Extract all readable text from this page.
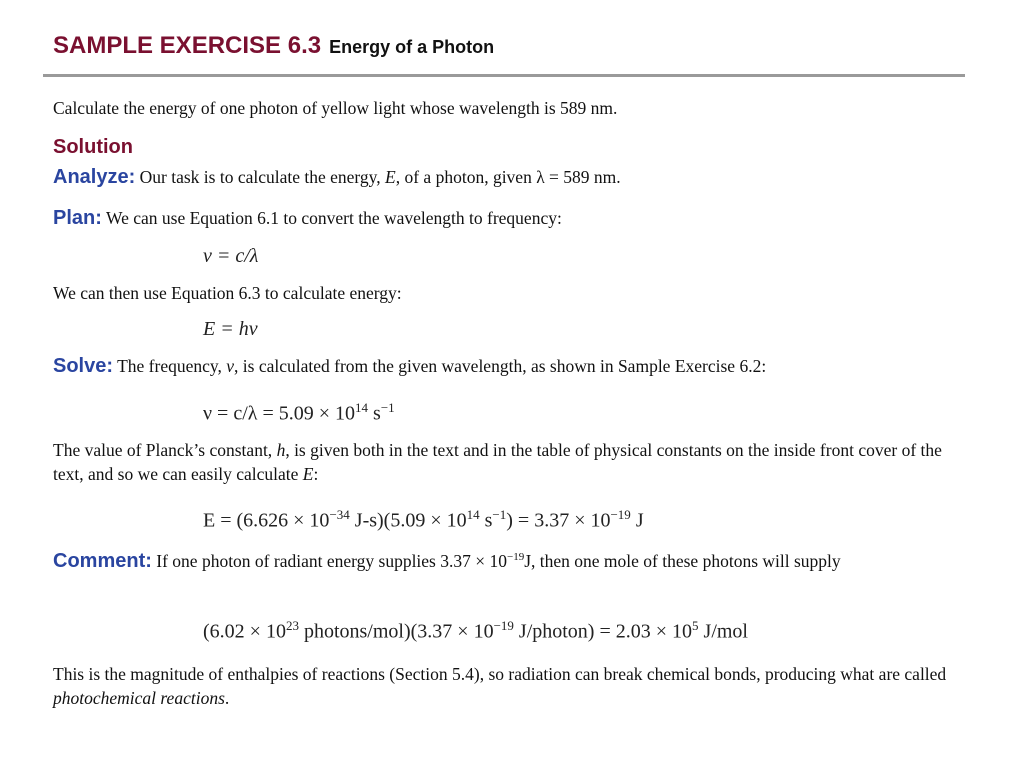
SAMPLE EXERCISE 6.3 Energy of a Photon
Calculate the energy of one photon of yellow light whose wavelength is 589 nm.
Solution
Analyze: Our task is to calculate the energy, E, of a photon, given λ = 589 nm.
Plan: We can use Equation 6.1 to convert the wavelength to frequency:
ν = c/λ
We can then use Equation 6.3 to calculate energy:
E = hν
Solve: The frequency, ν, is calculated from the given wavelength, as shown in Sample Exercise 6.2:
$\nu = c/\lambda = 5.09 \times 10^{14}$ $s^{-1}$
The value of Planck’s constant, h, is given both in the text and in the table of physical constants on the inside front cover of the text, and so we can easily calculate E:
$E = (6.626 \times 10^{-34}$ $J-s)(5.09 \times 10^{14}$ $s^{-1}) = 3.37 \times 10^{-19}$ J
Comment: If one photon of radiant energy supplies $3.37 \times 10^{-19}J$, then one mole of these photons will supply
($6.02 \times 10^{23}$ photons/mol)(3.37 × $10^{-19}$ J/photon) = $2.03 \times 10^5$ J/mol
This is the magnitude of enthalpies of reactions (Section 5.4), so radiation can break chemical bonds, producing what are called photochemical reactions.
